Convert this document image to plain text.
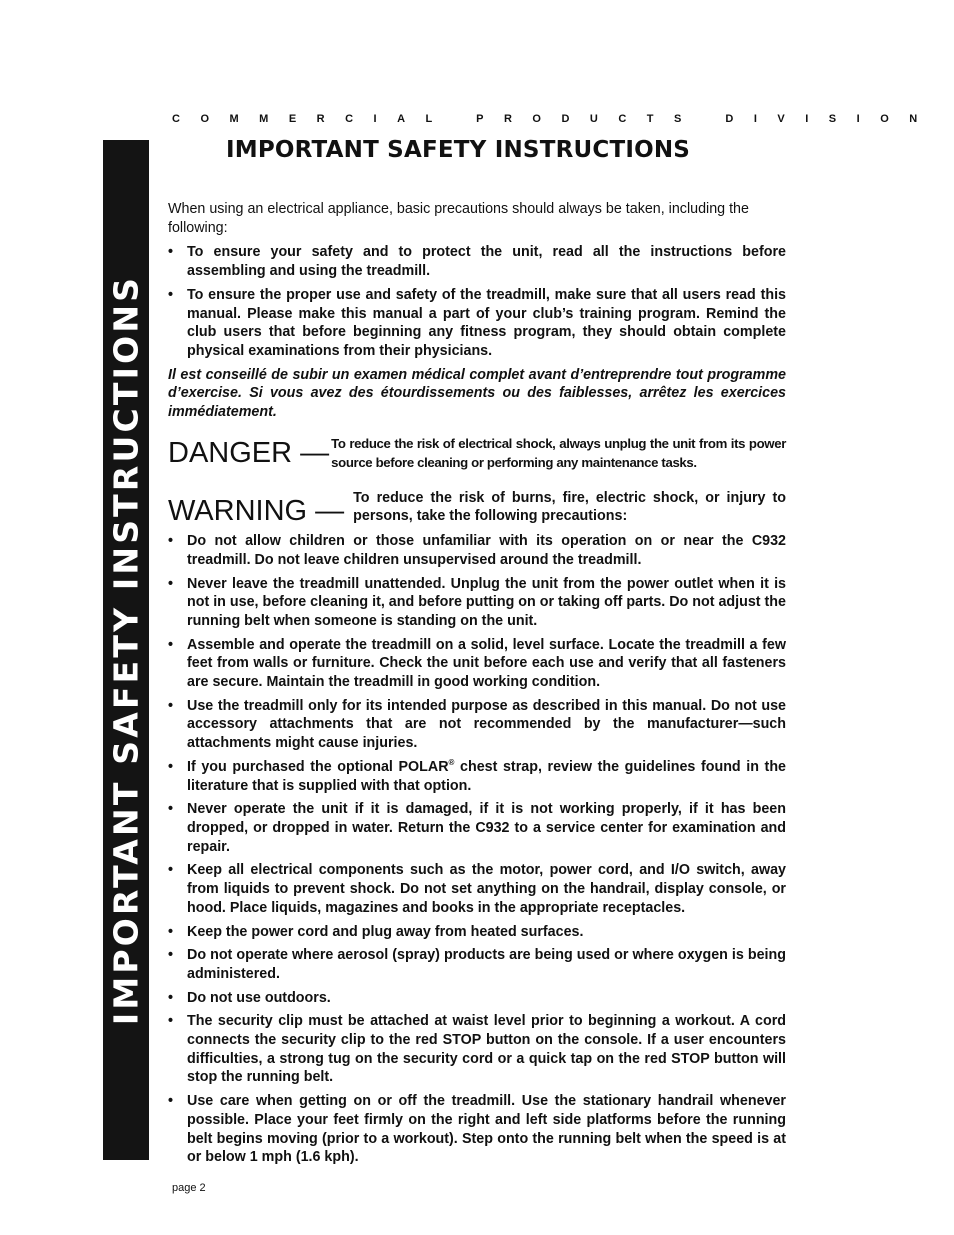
COMMERCIAL PRODUCTS DIVISION
IMPORTANT SAFETY INSTRUCTIONS
IMPORTANT SAFETY INSTRUCTIONS

When using an electrical appliance, basic precautions should always be taken, including the following:

• To ensure your safety and to protect the unit, read all the instructions before assembling and using the treadmill.
• To ensure the proper use and safety of the treadmill, make sure that all users read this manual. Please make this manual a part of your club’s training program. Remind the club users that before beginning any fitness program, they should obtain complete physical examinations from their physicians.

Il est conseillé de subir un examen médical complet avant d’entreprendre tout programme d’exercise. Si vous avez des étourdissements ou des faiblesses, arrêtez les exercices immédiatement.

DANGER — To reduce the risk of electrical shock, always unplug the unit from its power source before cleaning or performing any maintenance tasks.
WARNING — To reduce the risk of burns, fire, electric shock, or injury to persons, take the following precautions:
• Do not allow children or those unfamiliar with its operation on or near the C932 treadmill. Do not leave children unsupervised around the treadmill.
• Never leave the treadmill unattended. Unplug the unit from the power outlet when it is not in use, before cleaning it, and before putting on or taking off parts. Do not adjust the running belt when someone is standing on the unit.
• Assemble and operate the treadmill on a solid, level surface. Locate the treadmill a few feet from walls or furniture. Check the unit before each use and verify that all fasteners are secure. Maintain the treadmill in good working condition.
• Use the treadmill only for its intended purpose as described in this manual. Do not use accessory attachments that are not recommended by the manufacturer—such attachments might cause injuries.
• If you purchased the optional POLAR® chest strap, review the guidelines found in the literature that is supplied with that option.
• Never operate the unit if it is damaged, if it is not working properly, if it has been dropped, or dropped in water. Return the C932 to a service center for examination and repair.
• Keep all electrical components such as the motor, power cord, and I/O switch, away from liquids to prevent shock. Do not set anything on the handrail, display console, or hood. Place liquids, magazines and books in the appropriate receptacles.
• Keep the power cord and plug away from heated surfaces.
• Do not operate where aerosol (spray) products are being used or where oxygen is being administered.
• Do not use outdoors.
• The security clip must be attached at waist level prior to beginning a workout. A cord connects the security clip to the red STOP button on the console. If a user encounters difficulties, a strong tug on the security cord or a quick tap on the red STOP button will stop the running belt.
• Use care when getting on or off the treadmill. Use the stationary handrail whenever possible. Place your feet firmly on the right and left side platforms before the running belt begins moving (prior to a workout). Step onto the running belt when the speed is at or below 1 mph (1.6 kph).
page 2
